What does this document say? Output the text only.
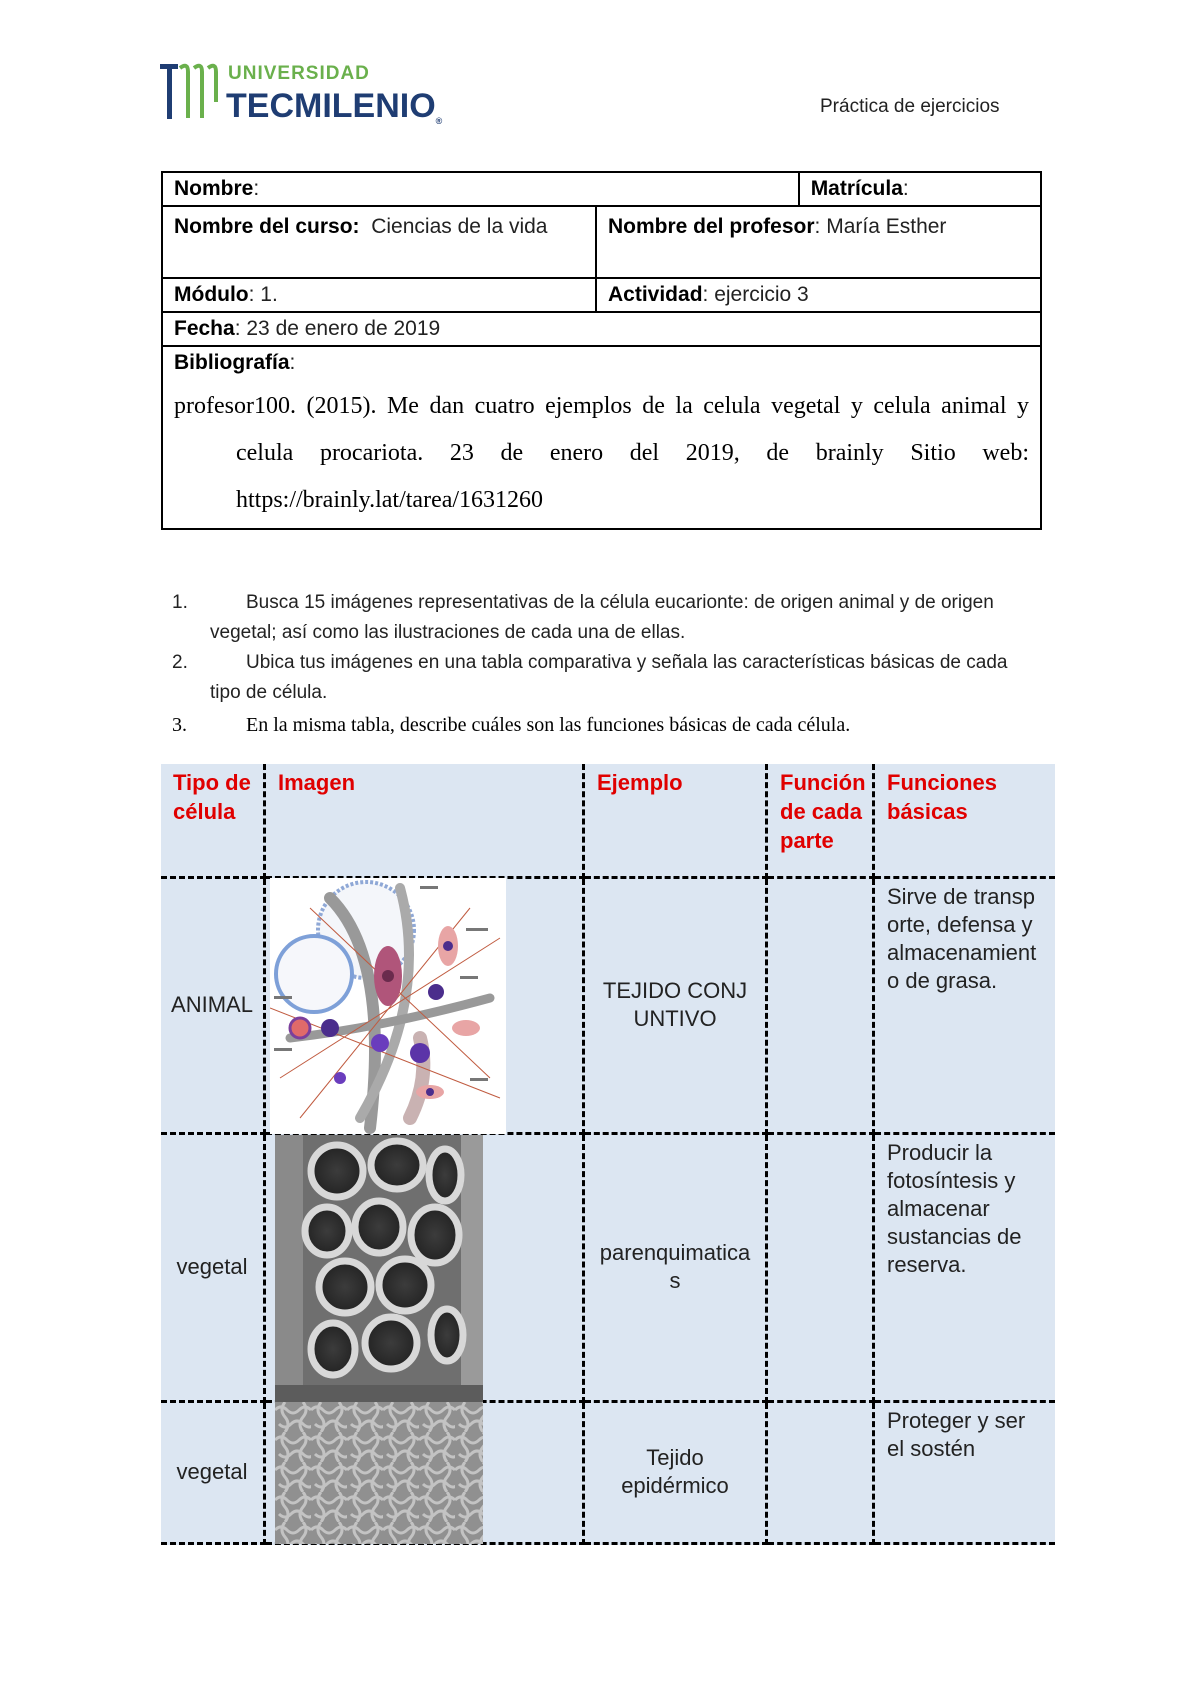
UNIVERSIDAD
TECMILENIO®
Práctica de ejercicios
Nombre:		Matrícula:
Nombre del curso: Ciencias de la vida	Nombre del profesor: María Esther	
Módulo: 1.	Actividad: ejercicio 3	
Fecha: 23 de enero de 2019		
Bibliografía:
profesor100. (2015). Me dan cuatro ejemplos de la celula vegetal y celula animal y celula procariota. 23 de enero del 2019, de brainly Sitio web: https://brainly.lat/tarea/1631260		
1.	Busca 15 imágenes representativas de la célula eucarionte: de origen animal y de origen vegetal; así como las ilustraciones de cada una de ellas.
2.	Ubica tus imágenes en una tabla comparativa y señala las características básicas de cada tipo de célula.
3.	En la misma tabla, describe cuáles son las funciones básicas de cada célula.
Tipo de célula	Imagen	Ejemplo	Función de cada parte	Funciones básicas

ANIMAL		TEJIDO CONJUNTIVO		Sirve de transporte, defensa y almacenamiento de grasa.

vegetal		parenquimaticas		Producir la fotosíntesis y almacenar sustancias de reserva.

vegetal		Tejido epidérmico		Proteger y ser el sostén
